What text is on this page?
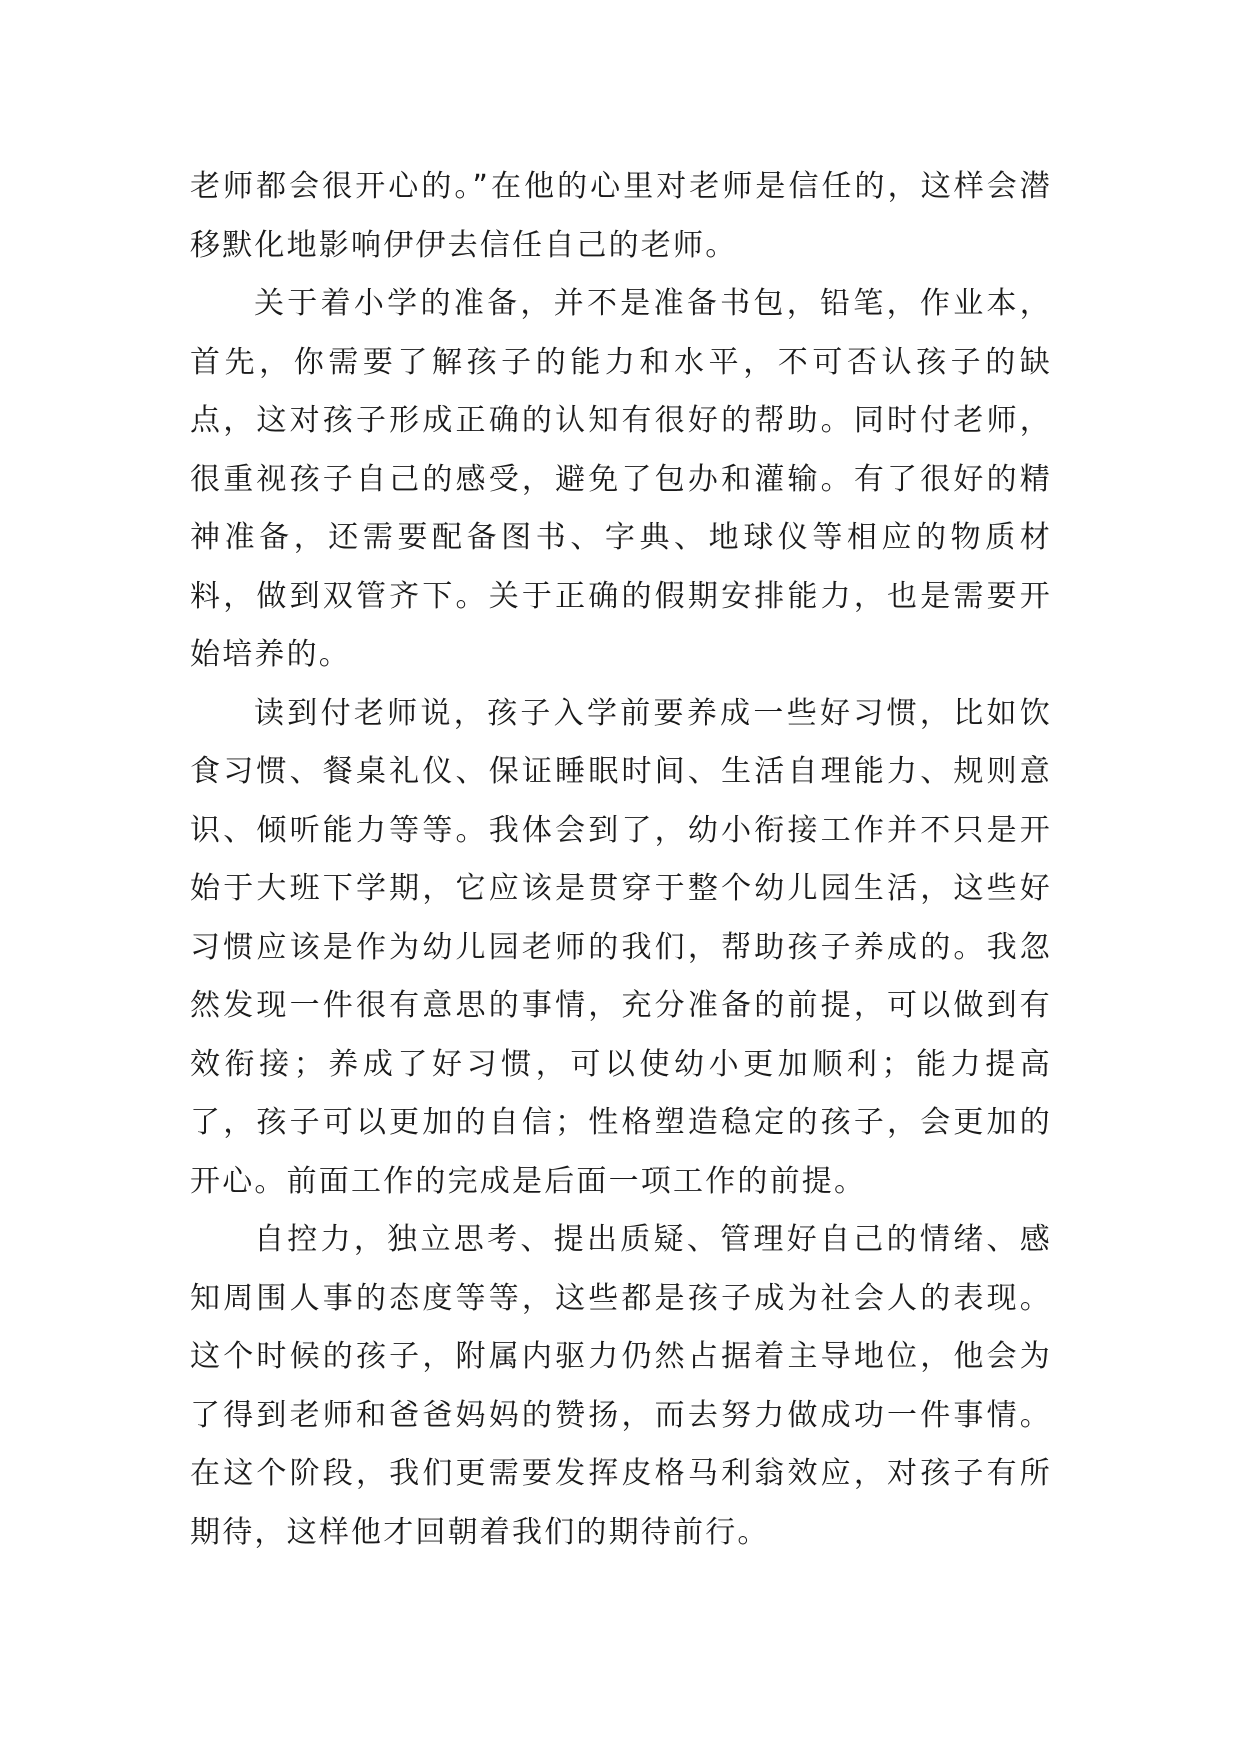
老师都会很开心的。”在他的心里对老师是信任的，这样会潜移默化地影响伊伊去信任自己的老师。

关于着小学的准备，并不是准备书包，铅笔，作业本，首先，你需要了解孩子的能力和水平，不可否认孩子的缺点，这对孩子形成正确的认知有很好的帮助。同时付老师，很重视孩子自己的感受，避免了包办和灌输。有了很好的精神准备，还需要配备图书、字典、地球仪等相应的物质材料，做到双管齐下。关于正确的假期安排能力，也是需要开始培养的。

读到付老师说，孩子入学前要养成一些好习惯，比如饮食习惯、餐桌礼仪、保证睡眠时间、生活自理能力、规则意识、倾听能力等等。我体会到了，幼小衔接工作并不只是开始于大班下学期，它应该是贯穿于整个幼儿园生活，这些好习惯应该是作为幼儿园老师的我们，帮助孩子养成的。我忽然发现一件很有意思的事情，充分准备的前提，可以做到有效衔接；养成了好习惯，可以使幼小更加顺利；能力提高了，孩子可以更加的自信；性格塑造稳定的孩子，会更加的开心。前面工作的完成是后面一项工作的前提。

自控力，独立思考、提出质疑、管理好自己的情绪、感知周围人事的态度等等，这些都是孩子成为社会人的表现。这个时候的孩子，附属内驱力仍然占据着主导地位，他会为了得到老师和爸爸妈妈的赞扬，而去努力做成功一件事情。在这个阶段，我们更需要发挥皮格马利翁效应，对孩子有所期待，这样他才回朝着我们的期待前行。
